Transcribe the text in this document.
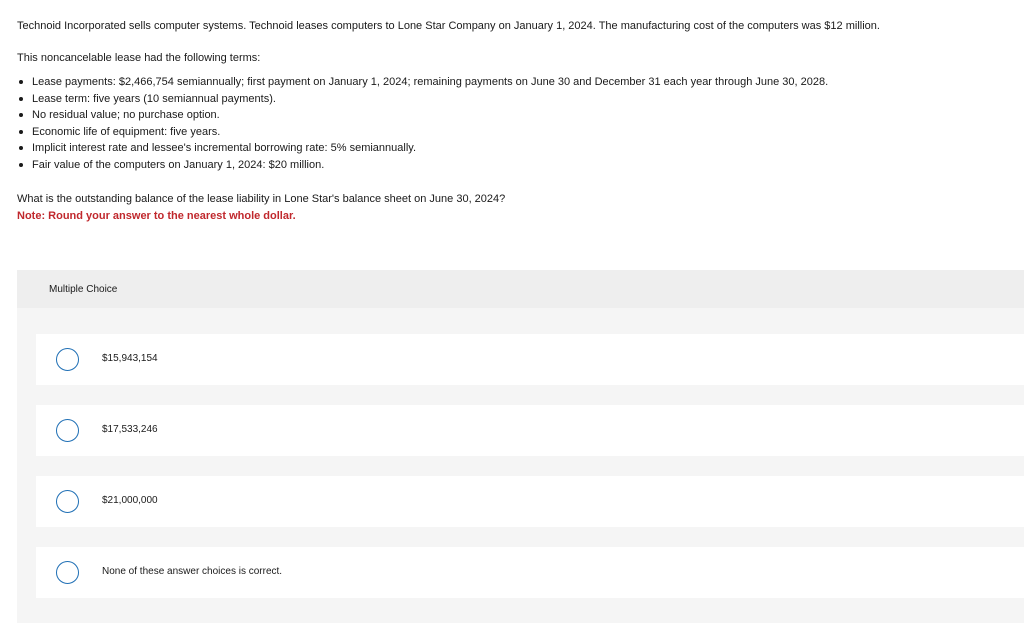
Technoid Incorporated sells computer systems. Technoid leases computers to Lone Star Company on January 1, 2024. The manufacturing cost of the computers was $12 million.

This noncancelable lease had the following terms:

Lease payments: $2,466,754 semiannually; first payment on January 1, 2024; remaining payments on June 30 and December 31 each year through June 30, 2028.
Lease term: five years (10 semiannual payments).
No residual value; no purchase option.
Economic life of equipment: five years.
Implicit interest rate and lessee's incremental borrowing rate: 5% semiannually.
Fair value of the computers on January 1, 2024: $20 million.

What is the outstanding balance of the lease liability in Lone Star's balance sheet on June 30, 2024?

Note: Round your answer to the nearest whole dollar.

Multiple Choice
$15,943,154
$17,533,246
$21,000,000
None of these answer choices is correct.
